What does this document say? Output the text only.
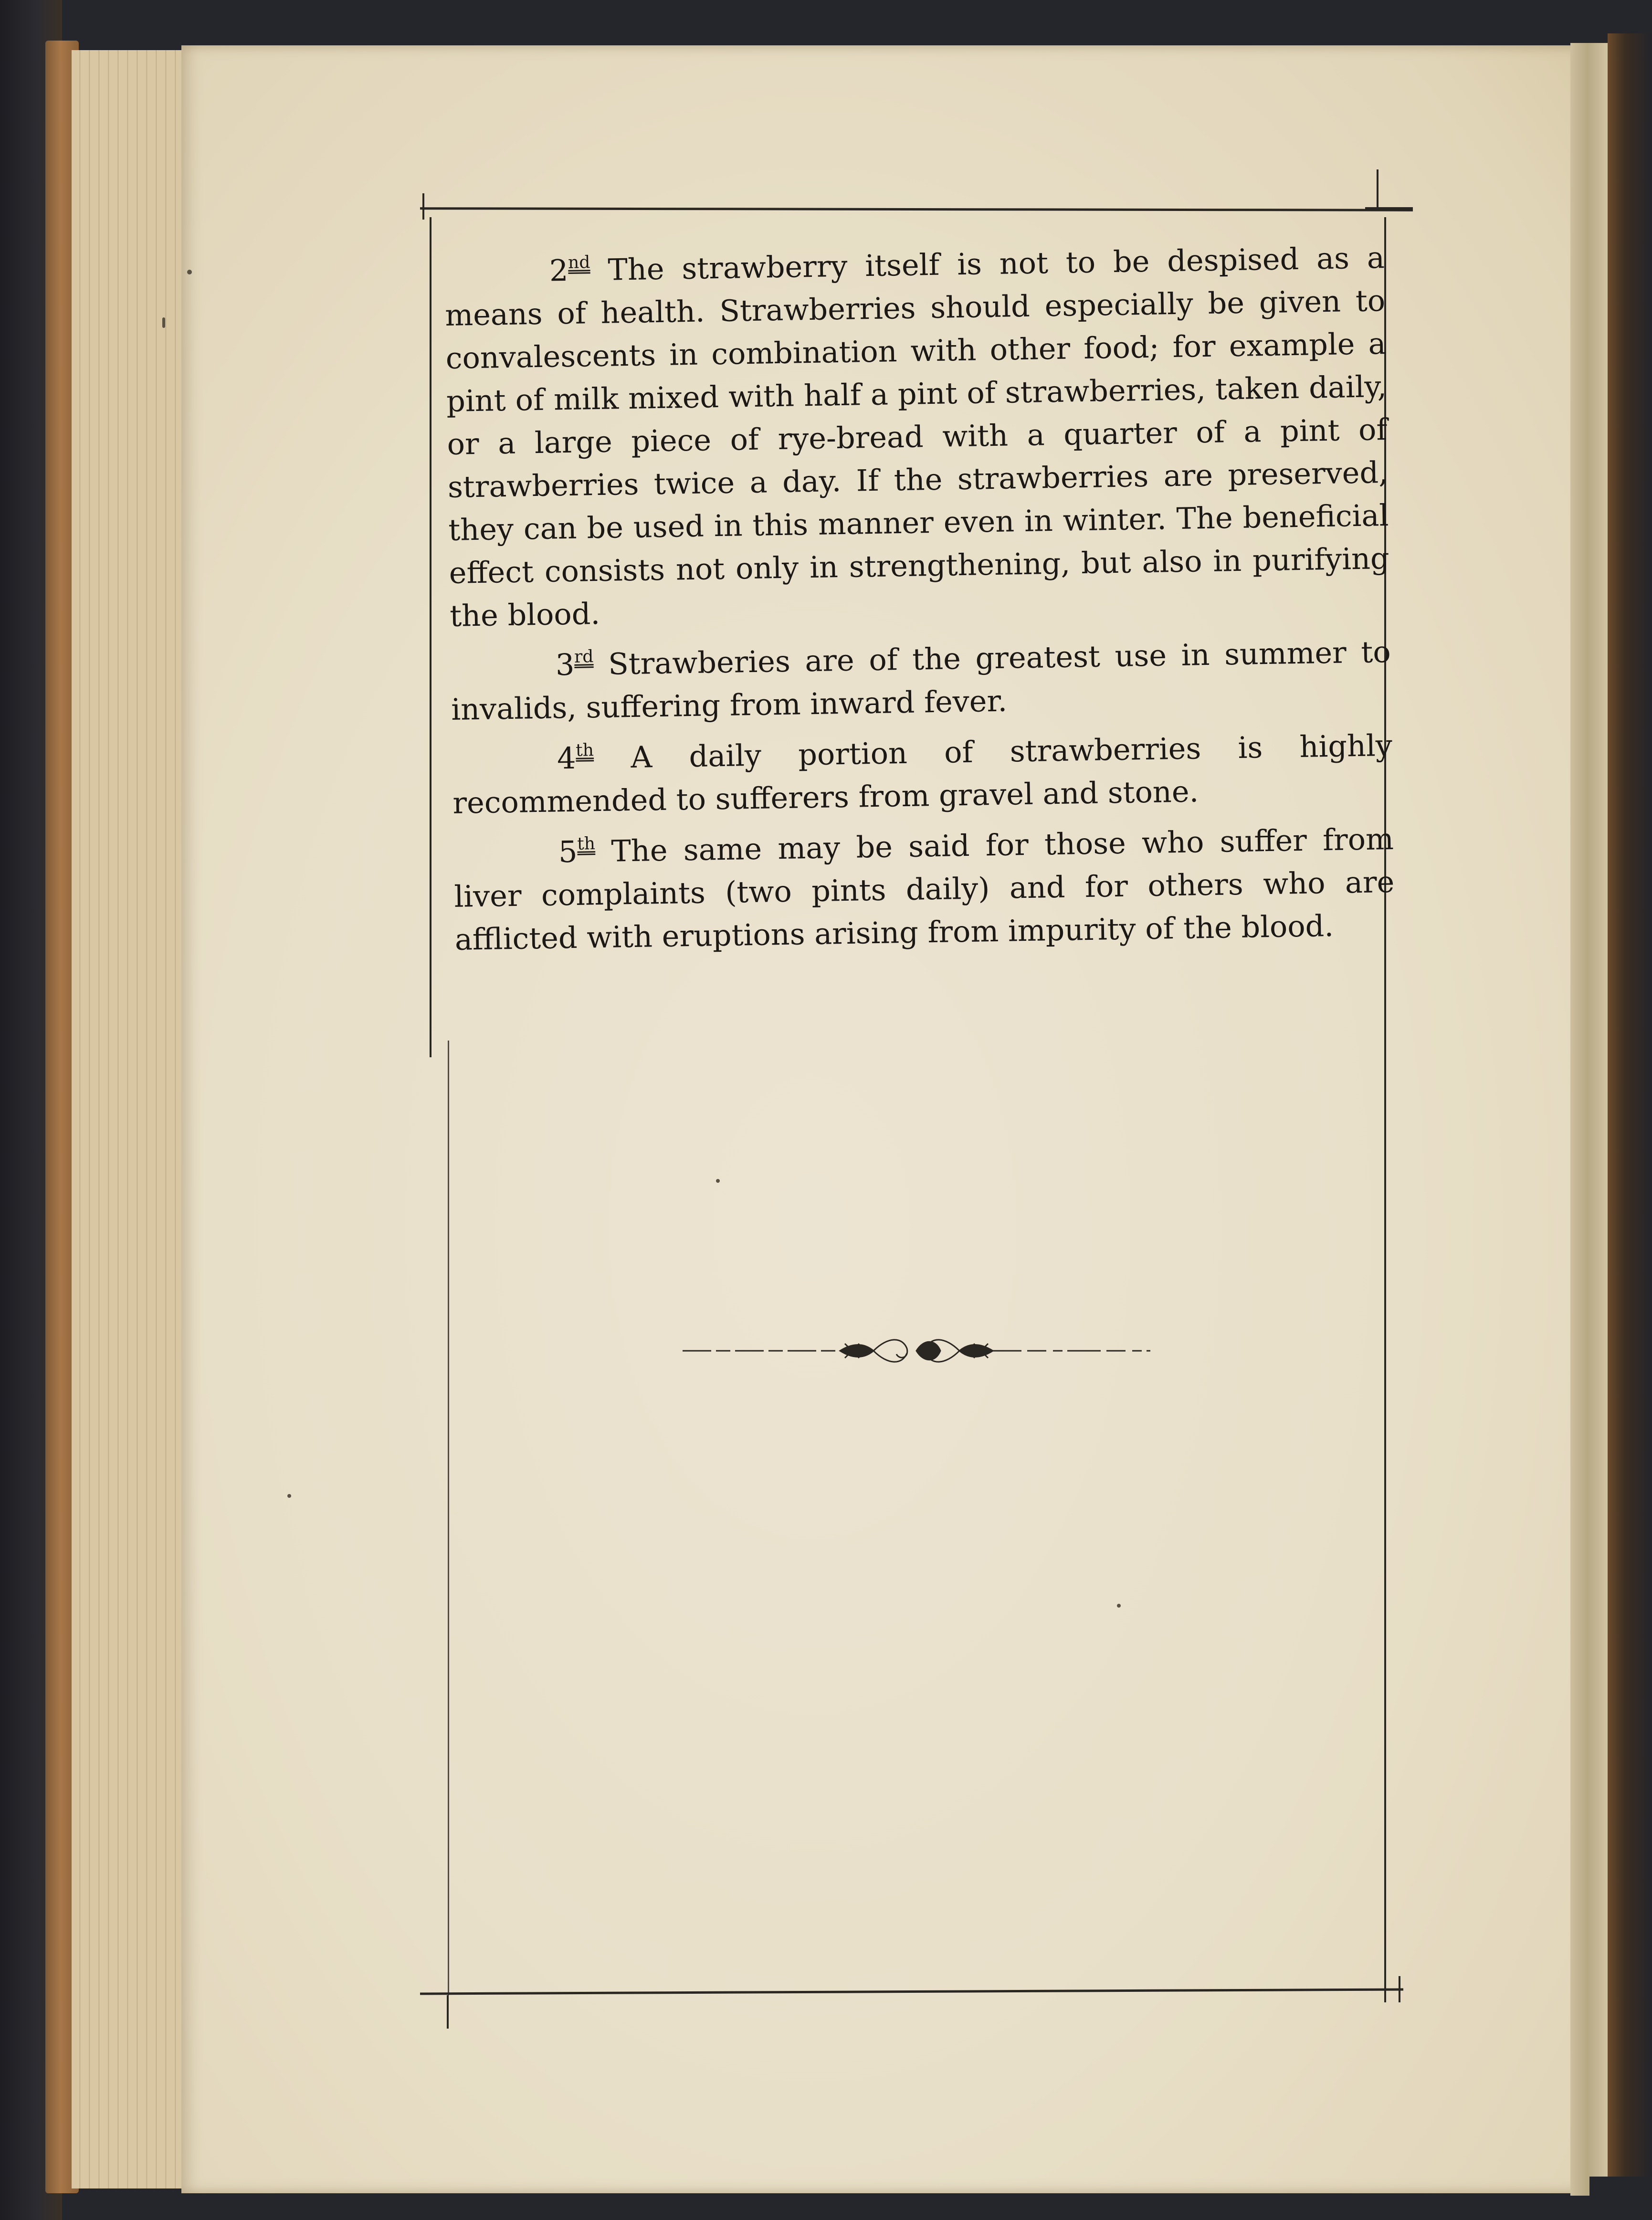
2nd The strawberry itself is not to be despised as a means of health. Strawberries should especially be given to convalescents in combination with other food; for example a pint of milk mixed with half a pint of strawberries, taken daily, or a large piece of rye-bread with a quarter of a pint of strawberries twice a day. If the strawberries are preserved, they can be used in this manner even in winter. The beneficial effect consists not only in strengthening, but also in purifying the blood.

3rd Strawberies are of the greatest use in summer to invalids, suffering from inward fever.

4th A daily portion of strawberries is highly recommended to sufferers from gravel and stone.

5th The same may be said for those who suffer from liver complaints (two pints daily) and for others who are afflicted with eruptions arising from impurity of the blood.
